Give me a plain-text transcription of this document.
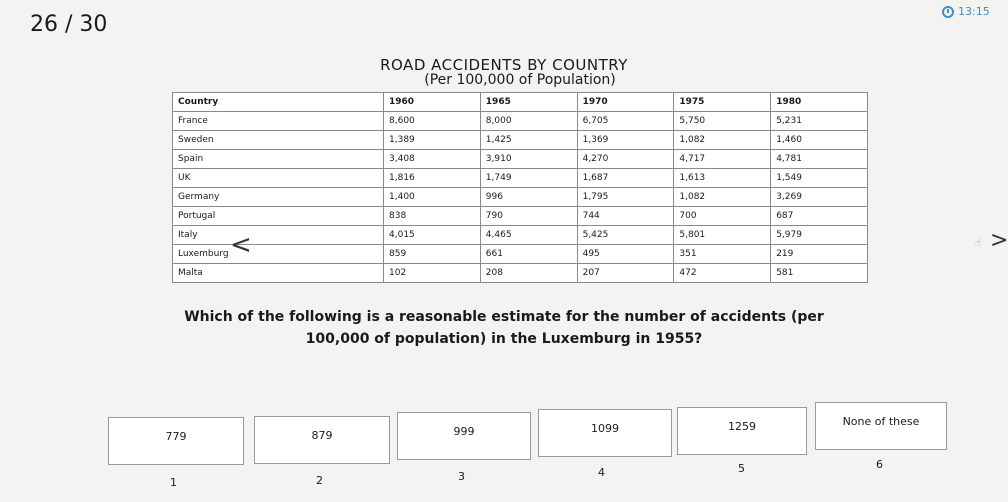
26 / 30
13:15
ROAD ACCIDENTS BY COUNTRY
(Per 100,000 of Population)
Country	1960	1965	1970	1975	1980
France	8,600	8,000	6,705	5,750	5,231
Sweden	1,389	1,425	1,369	1,082	1,460
Spain	3,408	3,910	4,270	4,717	4,781
UK	1,816	1,749	1,687	1,613	1,549
Germany	1,400	996	1,795	1,082	3,269
Portugal	838	790	744	700	687
Italy	4,015	4,465	5,425	5,801	5,979
Luxemburg	859	661	495	351	219
Malta	102	208	207	472	581
<	>
☝
Which of the following is a reasonable estimate for the number of accidents (per 100,000 of population) in the Luxemburg in 1955?
779	879	999	1099	1259	None of these
1	2	3	4	5	6
